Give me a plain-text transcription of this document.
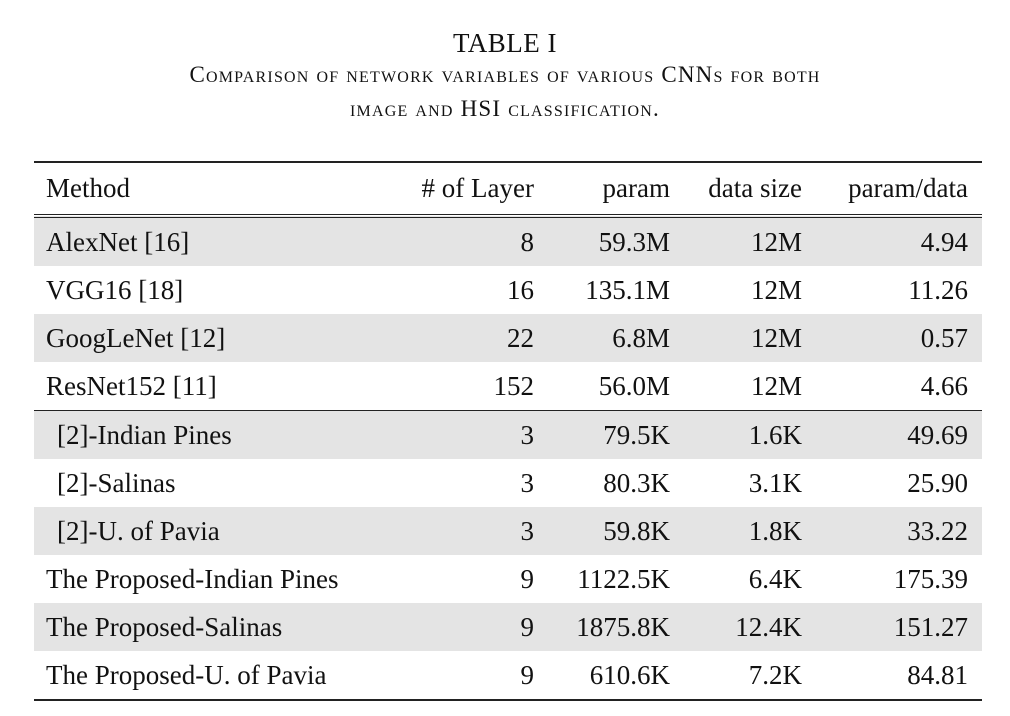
TABLE I
Comparison of network variables of various CNNs for both
image and HSI classification.
Method	# of Layer	param	data size	param/data
AlexNet [16]	8	59.3M	12M	4.94
VGG16 [18]	16	135.1M	12M	11.26
GoogLeNet [12]	22	6.8M	12M	0.57
ResNet152 [11]	152	56.0M	12M	4.66
[2]-Indian Pines	3	79.5K	1.6K	49.69
[2]-Salinas	3	80.3K	3.1K	25.90
[2]-U. of Pavia	3	59.8K	1.8K	33.22
The Proposed-Indian Pines	9	1122.5K	6.4K	175.39
The Proposed-Salinas	9	1875.8K	12.4K	151.27
The Proposed-U. of Pavia	9	610.6K	7.2K	84.81
